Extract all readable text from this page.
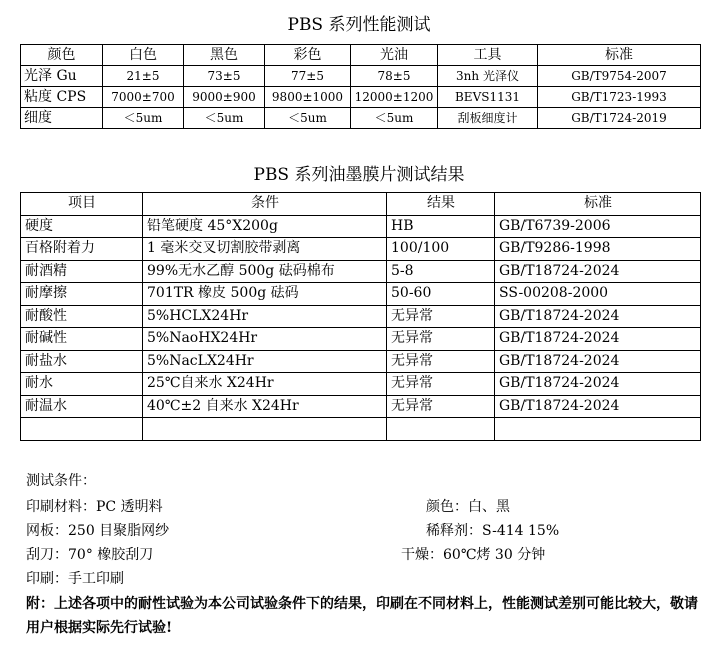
PBS 系列性能测试
颜色	白色	黑色	彩色	光油	工具	标准
光泽 Gu	21±5	73±5	77±5	78±5	3nh 光泽仪	GB/T9754-2007
粘度 CPS	7000±700	9000±900	9800±1000	12000±1200	BEVS1131	GB/T1723-1993
细度	＜5um	＜5um	＜5um	＜5um	刮板细度计	GB/T1724-2019
PBS 系列油墨膜片测试结果
项目	条件	结果	标准
硬度	铅笔硬度 45°X200g	HB	GB/T6739-2006
百格附着力	1 毫米交叉切割胶带剥离	100/100	GB/T9286-1998
耐酒精	99%无水乙醇 500g 砝码棉布	5-8	GB/T18724-2024
耐摩擦	701TR 橡皮 500g 砝码	50-60	SS-00208-2000
耐酸性	5%HCLX24Hr	无异常	GB/T18724-2024
耐碱性	5%NaoHX24Hr	无异常	GB/T18724-2024
耐盐水	5%NacLX24Hr	无异常	GB/T18724-2024
耐水	25℃自来水 X24Hr	无异常	GB/T18724-2024
耐温水	40℃±2 自来水 X24Hr	无异常	GB/T18724-2024

测试条件：
印刷材料：PC 透明料	颜色：白、黑
网板：250 目聚脂网纱	稀释剂：S-414 15%
刮刀：70° 橡胶刮刀	干燥：60℃烤 30 分钟
印刷：手工印刷
附：上述各项中的耐性试验为本公司试验条件下的结果，印刷在不同材料上，性能测试差别可能比较大，敬请用户根据实际先行试验!
